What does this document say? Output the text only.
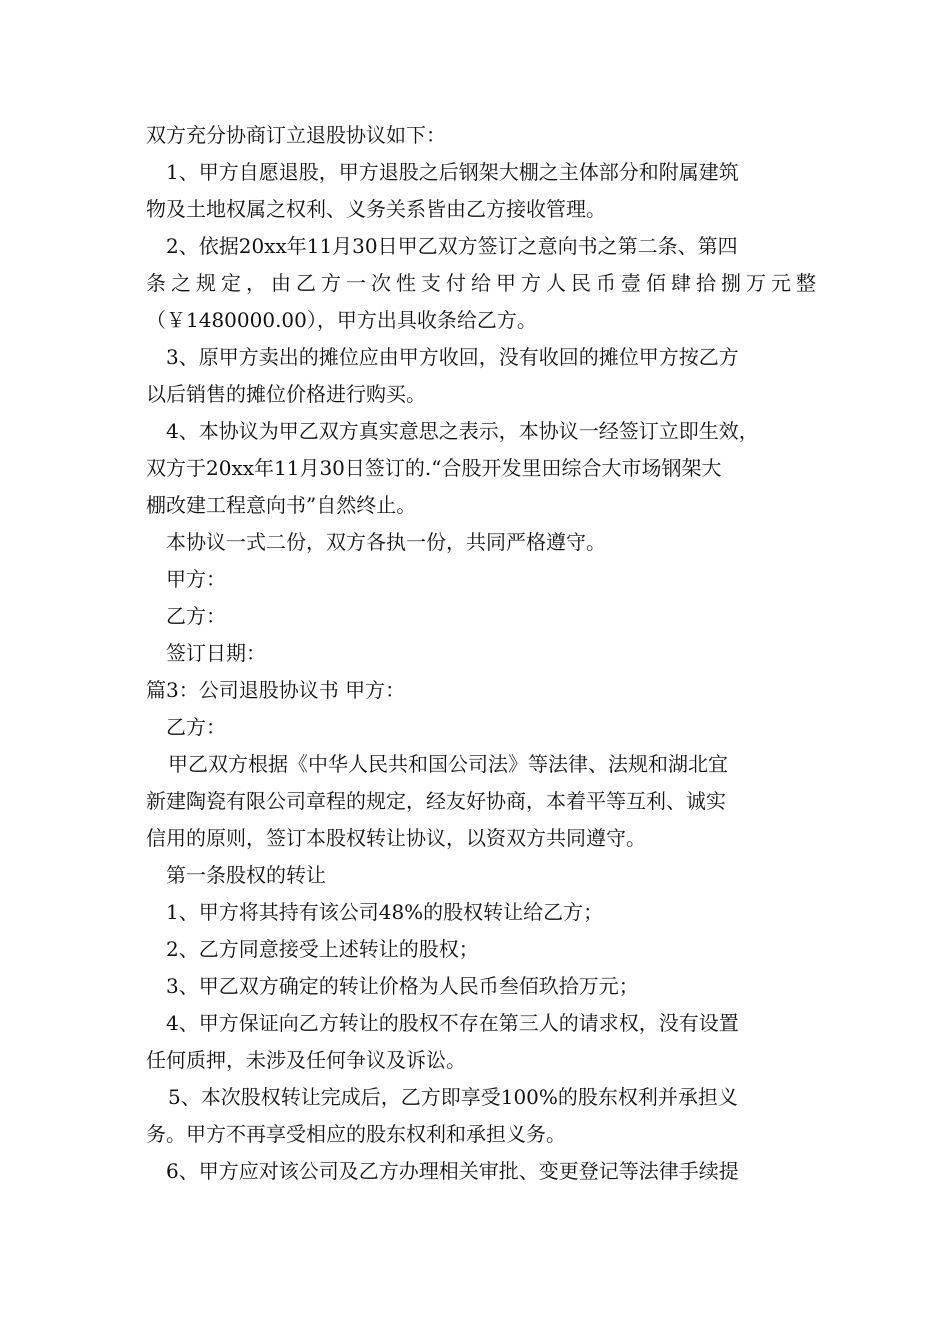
双方充分协商订立退股协议如下：
1、甲方自愿退股，甲方退股之后钢架大棚之主体部分和附属建筑
物及土地权属之权利、义务关系皆由乙方接收管理。
2、依据20xx年11月30日甲乙双方签订之意向书之第二条、第四
条之规定，由乙方一次性支付给甲方人民币壹佰肆拾捌万元整
（￥1480000.00），甲方出具收条给乙方。
3、原甲方卖出的摊位应由甲方收回，没有收回的摊位甲方按乙方
以后销售的摊位价格进行购买。
4、本协议为甲乙双方真实意思之表示，本协议一经签订立即生效，
双方于20xx年11月30日签订的.“合股开发里田综合大市场钢架大
棚改建工程意向书”自然终止。
本协议一式二份，双方各执一份，共同严格遵守。
甲方：
乙方：
签订日期：
篇3：公司退股协议书 甲方：
乙方：
甲乙双方根据《中华人民共和国公司法》等法律、法规和湖北宜
新建陶瓷有限公司章程的规定，经友好协商，本着平等互利、诚实
信用的原则，签订本股权转让协议，以资双方共同遵守。
第一条股权的转让
1、甲方将其持有该公司48%的股权转让给乙方；
2、乙方同意接受上述转让的股权；
3、甲乙双方确定的转让价格为人民币叁佰玖拾万元；
4、甲方保证向乙方转让的股权不存在第三人的请求权，没有设置
任何质押，未涉及任何争议及诉讼。
5、本次股权转让完成后，乙方即享受100%的股东权利并承担义
务。甲方不再享受相应的股东权利和承担义务。
6、甲方应对该公司及乙方办理相关审批、变更登记等法律手续提
